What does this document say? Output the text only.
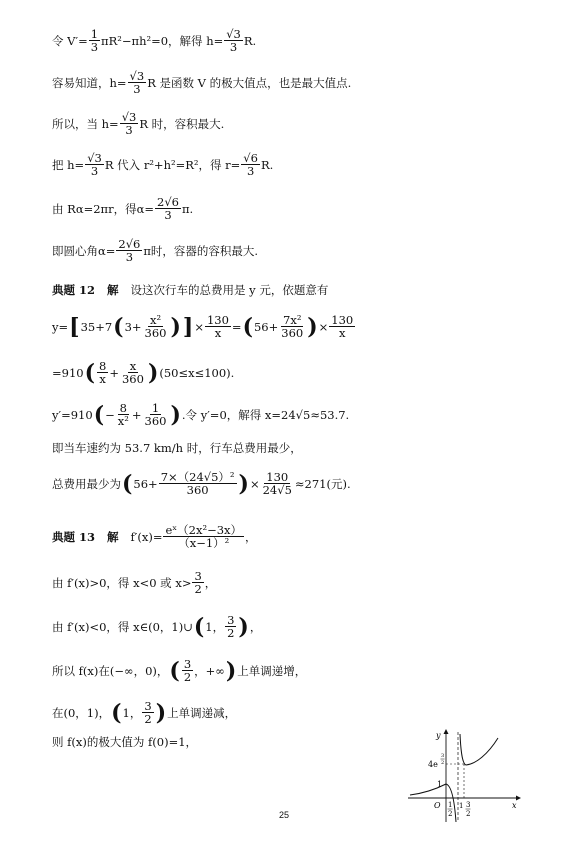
令 $V'= \frac{1}{3} \pi R^2-\pi h^2=0$，解得 $h= \frac{√3}{3} R$.
容易知道，$h= \frac{√3}{3}$ R 是函数 V 的极大值点，也是最大值点.
所以，当 $h= \frac{√3}{3}$ R 时，容积最大.
把 $h= \frac{√3}{3}$ R 代入 r²+h²=R²，得 $r= \frac{√6}{3} R$.
由 Rα=2πr，得$\alpha= \frac{2√6}{3} \pi$.
即圆心角$\alpha= \frac{2√6}{3}$ π时，容器的容积最大.
典题 12 解 设这次行车的总费用是 y 元，依题意有
y= [ 35+7 ( $3+ \frac{\text{x²}}{360}$ ) ] × $\frac{130}{x}$ = ( $56+ \frac{\text{7x²}}{360}$ ) × $\frac{130}{x}$
=910 ( $\frac{8}{x} + \frac{x}{360}$ ) (50≤x≤100).
y′=910 ( − $\frac{8}{\text{x²}} + \frac{1}{360}$ ) .令 y′=0，解得 x=24√5≈53.7.
即当车速约为 53.7 km/h 时，行车总费用最少，
总费用最少为 ( $56+ \frac{\text{7×（24√5）²}}{360}$ ) × $\frac{130}{24√5} \approx 271$(元).
典题 13 解 $f'(x)= \frac{\text{eˣ（2x²−3x）}}{\text{（x−1）²}}$ ，
由 f′(x)>0，得 x<0 或 $x> \frac{3}{2}$ ，
由 f′(x)<0，得 x∈(0，1)∪ ( 1， $\frac{3}{2}$ ) ，
所以 f(x)在(−∞，0)， ( $\frac{3}{2}$ ，+∞ ) 上单调递增，
在(0，1)， ( 1， $\frac{3}{2}$ ) 上单调递减，
则 f(x)的极大值为 f(0)=1，	y
x
O
1
4e
3
2
1
2
1 3
2
25
